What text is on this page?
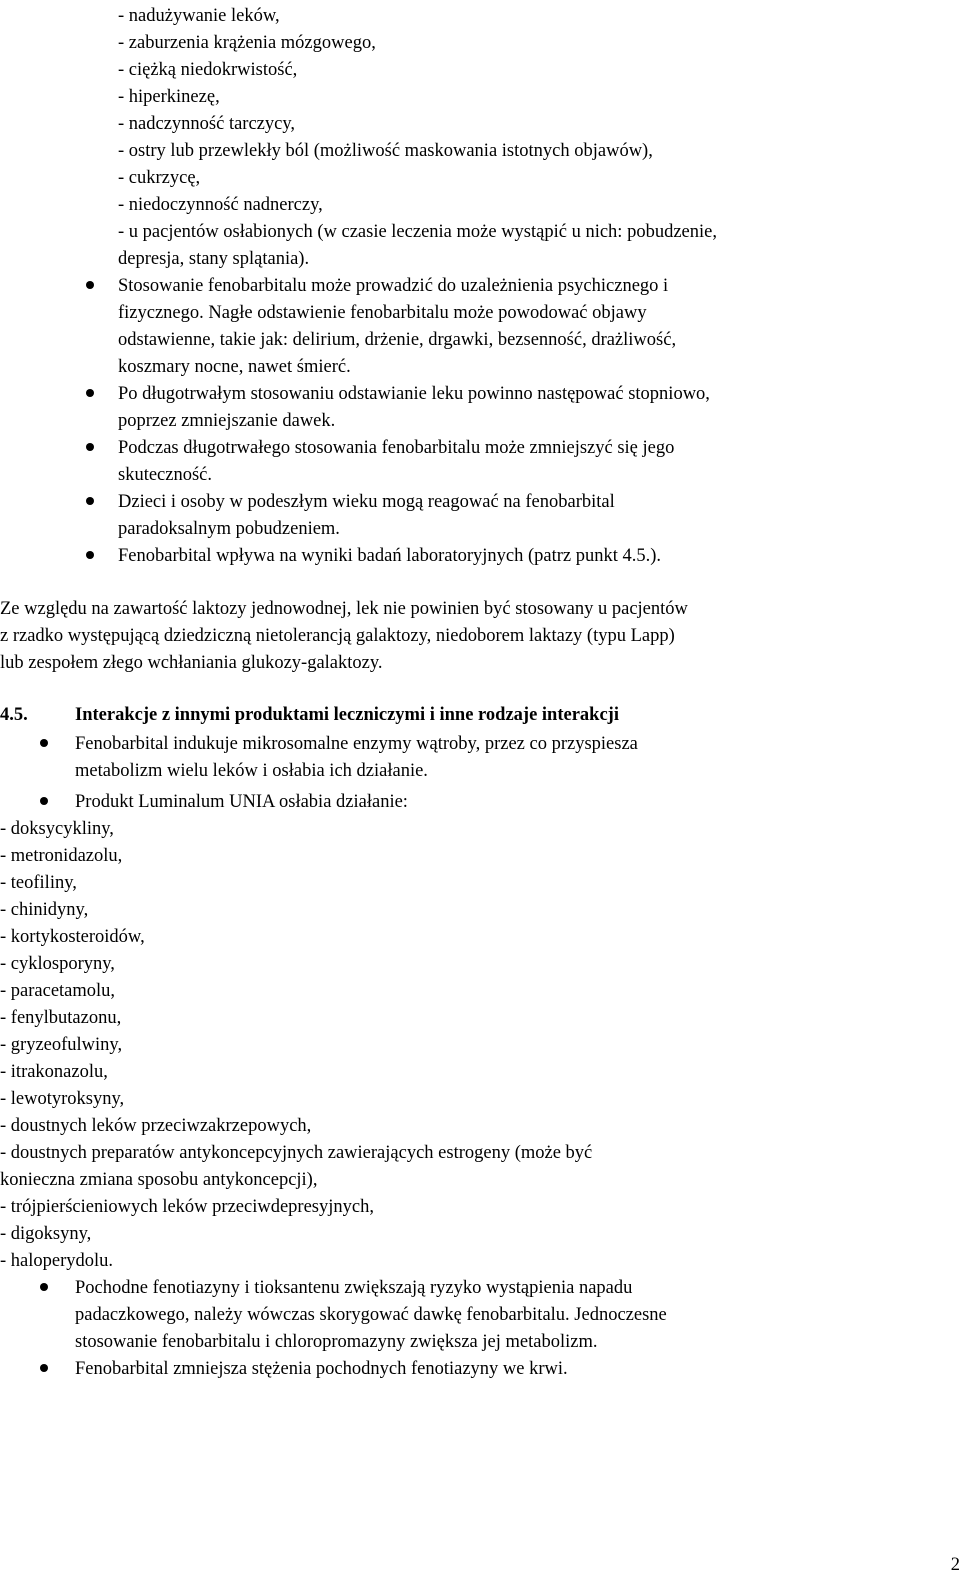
- nadużywanie leków,
- zaburzenia krążenia mózgowego,
- ciężką niedokrwistość,
- hiperkinezę,
- nadczynność tarczycy,
- ostry lub przewlekły ból (możliwość maskowania istotnych objawów),
- cukrzycę,
- niedoczynność nadnerczy,
- u pacjentów osłabionych (w czasie leczenia może wystąpić u nich: pobudzenie,
depresja, stany splątania).
Stosowanie fenobarbitalu może prowadzić do uzależnienia psychicznego i
fizycznego. Nagłe odstawienie fenobarbitalu może powodować objawy
odstawienne, takie jak: delirium, drżenie, drgawki, bezsenność, drażliwość,
koszmary nocne, nawet śmierć.
Po długotrwałym stosowaniu odstawianie leku powinno następować stopniowo,
poprzez zmniejszanie dawek.
Podczas długotrwałego stosowania fenobarbitalu może zmniejszyć się jego
skuteczność.
Dzieci i osoby w podeszłym wieku mogą reagować na fenobarbital
paradoksalnym pobudzeniem.
Fenobarbital wpływa na wyniki badań laboratoryjnych (patrz punkt 4.5.).
Ze względu na zawartość laktozy jednowodnej, lek nie powinien być stosowany u pacjentów
z rzadko występującą dziedziczną nietolerancją galaktozy, niedoborem laktazy (typu Lapp)
lub zespołem złego wchłaniania glukozy-galaktozy.
4.5.	Interakcje z innymi produktami leczniczymi i inne rodzaje interakcji
Fenobarbital indukuje mikrosomalne enzymy wątroby, przez co przyspiesza
metabolizm wielu leków i osłabia ich działanie.
Produkt Luminalum UNIA osłabia działanie:
- doksycykliny,
- metronidazolu,
- teofiliny,
- chinidyny,
- kortykosteroidów,
- cyklosporyny,
- paracetamolu,
- fenylbutazonu,
- gryzeofulwiny,
- itrakonazolu,
- lewotyroksyny,
- doustnych leków przeciwzakrzepowych,
- doustnych preparatów antykoncepcyjnych zawierających estrogeny (może być
konieczna zmiana sposobu antykoncepcji),
- trójpierścieniowych leków przeciwdepresyjnych,
- digoksyny,
- haloperydolu.
Pochodne fenotiazyny i tioksantenu zwiększają ryzyko wystąpienia napadu
padaczkowego, należy wówczas skorygować dawkę fenobarbitalu. Jednoczesne
stosowanie fenobarbitalu i chloropromazyny zwiększa jej metabolizm.
Fenobarbital zmniejsza stężenia pochodnych fenotiazyny we krwi.
2
